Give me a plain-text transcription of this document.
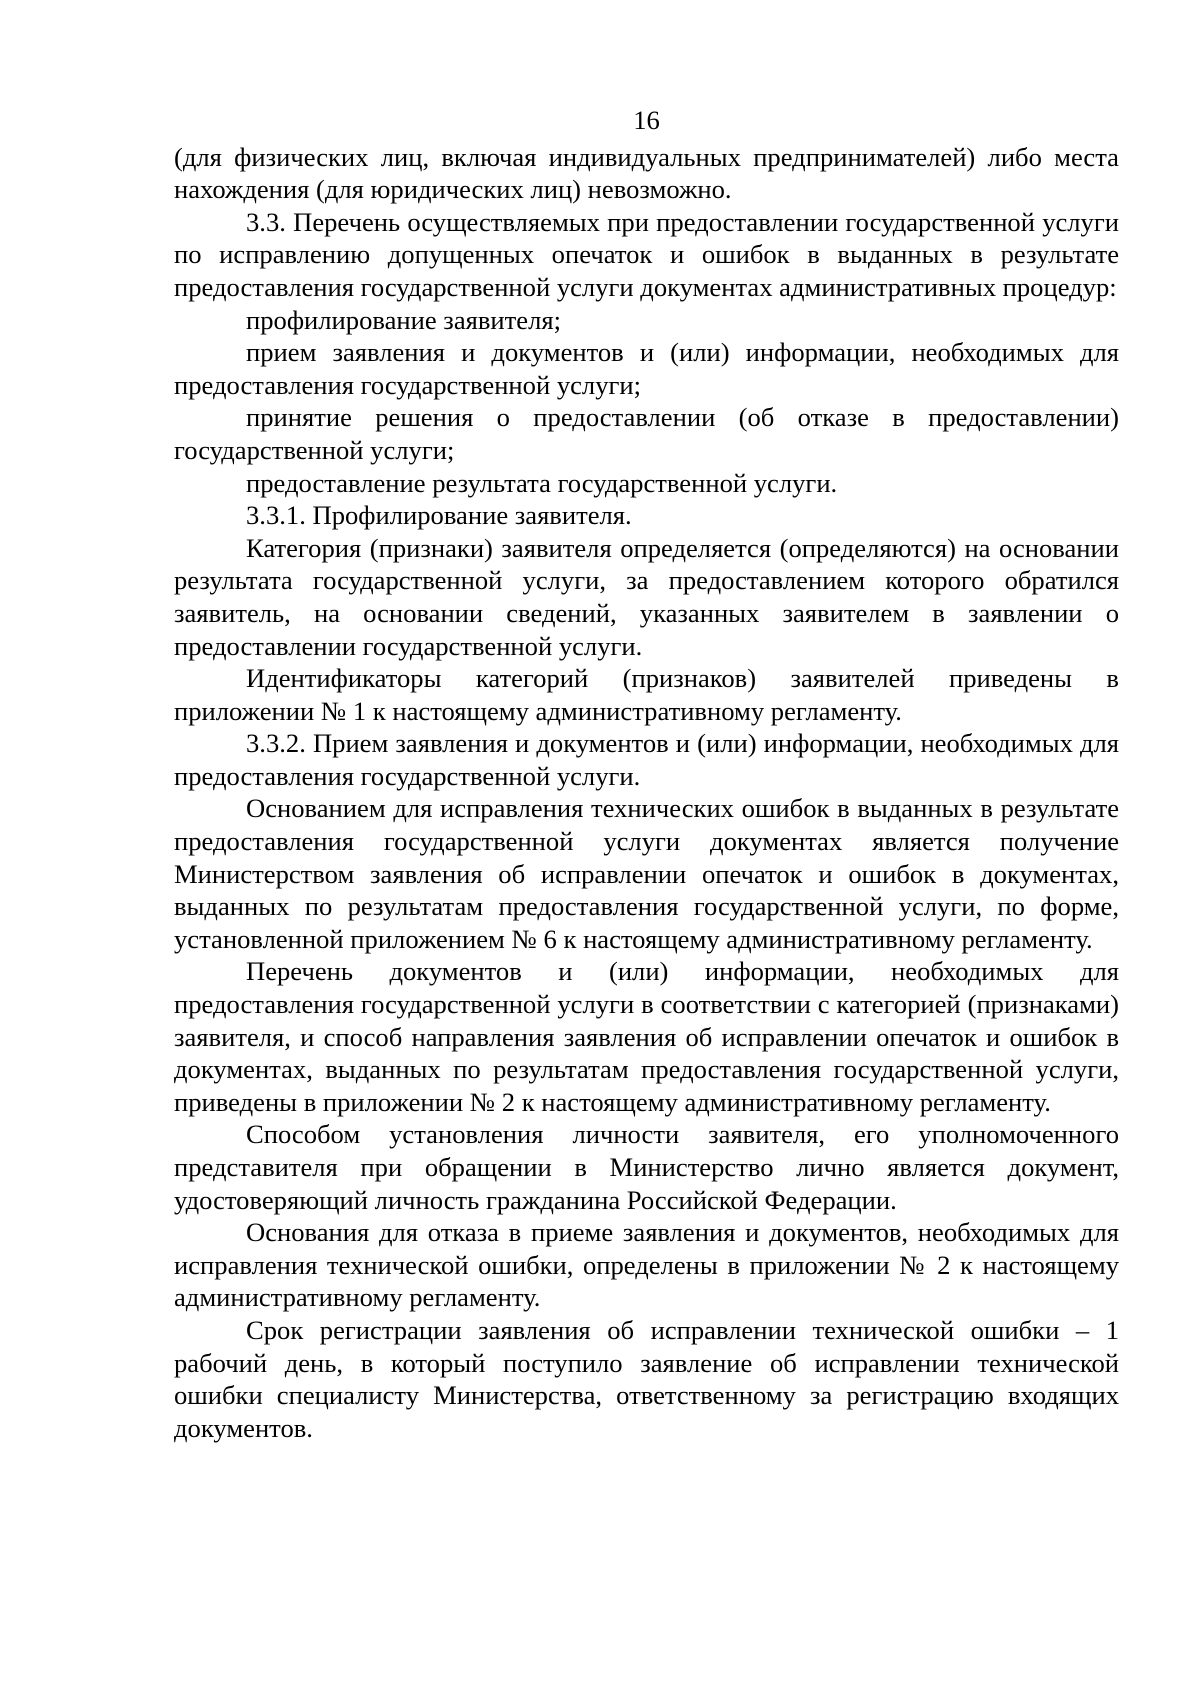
16

(для физических лиц, включая индивидуальных предпринимателей) либо места нахождения (для юридических лиц) невозможно.

3.3. Перечень осуществляемых при предоставлении государственной услуги по исправлению допущенных опечаток и ошибок в выданных в результате предоставления государственной услуги документах административных процедур:

профилирование заявителя;

прием заявления и документов и (или) информации, необходимых для предоставления государственной услуги;

принятие решения о предоставлении (об отказе в предоставлении) государственной услуги;

предоставление результата государственной услуги.

3.3.1. Профилирование заявителя.

Категория (признаки) заявителя определяется (определяются) на основании результата государственной услуги, за предоставлением которого обратился заявитель, на основании сведений, указанных заявителем в заявлении о предоставлении государственной услуги.

Идентификаторы категорий (признаков) заявителей приведены в приложении № 1 к настоящему административному регламенту.

3.3.2. Прием заявления и документов и (или) информации, необходимых для предоставления государственной услуги.

Основанием для исправления технических ошибок в выданных в результате предоставления государственной услуги документах является получение Министерством заявления об исправлении опечаток и ошибок в документах, выданных по результатам предоставления государственной услуги, по форме, установленной приложением № 6 к настоящему административному регламенту.

Перечень документов и (или) информации, необходимых для предоставления государственной услуги в соответствии с категорией (признаками) заявителя, и способ направления заявления об исправлении опечаток и ошибок в документах, выданных по результатам предоставления государственной услуги, приведены в приложении № 2 к настоящему административному регламенту.

Способом установления личности заявителя, его уполномоченного представителя при обращении в Министерство лично является документ, удостоверяющий личность гражданина Российской Федерации.

Основания для отказа в приеме заявления и документов, необходимых для исправления технической ошибки, определены в приложении № 2 к настоящему административному регламенту.

Срок регистрации заявления об исправлении технической ошибки – 1 рабочий день, в который поступило заявление об исправлении технической ошибки специалисту Министерства, ответственному за регистрацию входящих документов.
